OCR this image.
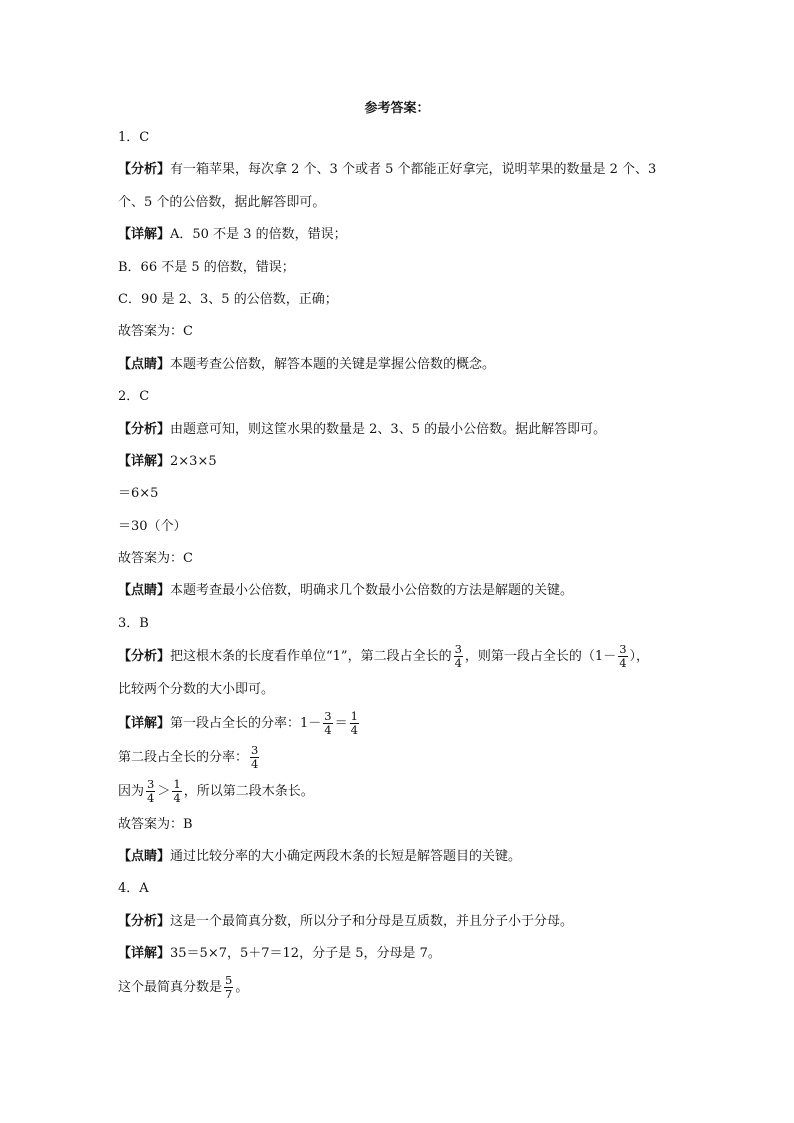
参考答案：
1．C
【分析】有一箱苹果，每次拿 2 个、3 个或者 5 个都能正好拿完，说明苹果的数量是 2 个、3
个、5 个的公倍数，据此解答即可。
【详解】A．50 不是 3 的倍数，错误；
B．66 不是 5 的倍数，错误；
C．90 是 2、3、5 的公倍数，正确；
故答案为：C
【点睛】本题考查公倍数，解答本题的关键是掌握公倍数的概念。
2．C
【分析】由题意可知，则这筐水果的数量是 2、3、5 的最小公倍数。据此解答即可。
【详解】2×3×5
＝6×5
＝30（个）
故答案为：C
【点睛】本题考查最小公倍数，明确求几个数最小公倍数的方法是解题的关键。
3．B
【分析】把这根木条的长度看作单位“1”，第二段占全长的 $\frac{3}{4}$ ，则第一段占全长的（$1- \frac{3}{4}$ ），
比较两个分数的大小即可。
【详解】第一段占全长的分率：$1- \frac{3}{4} = \frac{1}{4}$
第二段占全长的分率： $\frac{3}{4}$
因为 $\frac{3}{4} > \frac{1}{4}$ ，所以第二段木条长。
故答案为：B
【点睛】通过比较分率的大小确定两段木条的长短是解答题目的关键。
4．A
【分析】这是一个最简真分数，所以分子和分母是互质数，并且分子小于分母。
【详解】35＝5×7，5＋7＝12，分子是 5，分母是 7。
这个最简真分数是 $\frac{5}{7}$ 。
